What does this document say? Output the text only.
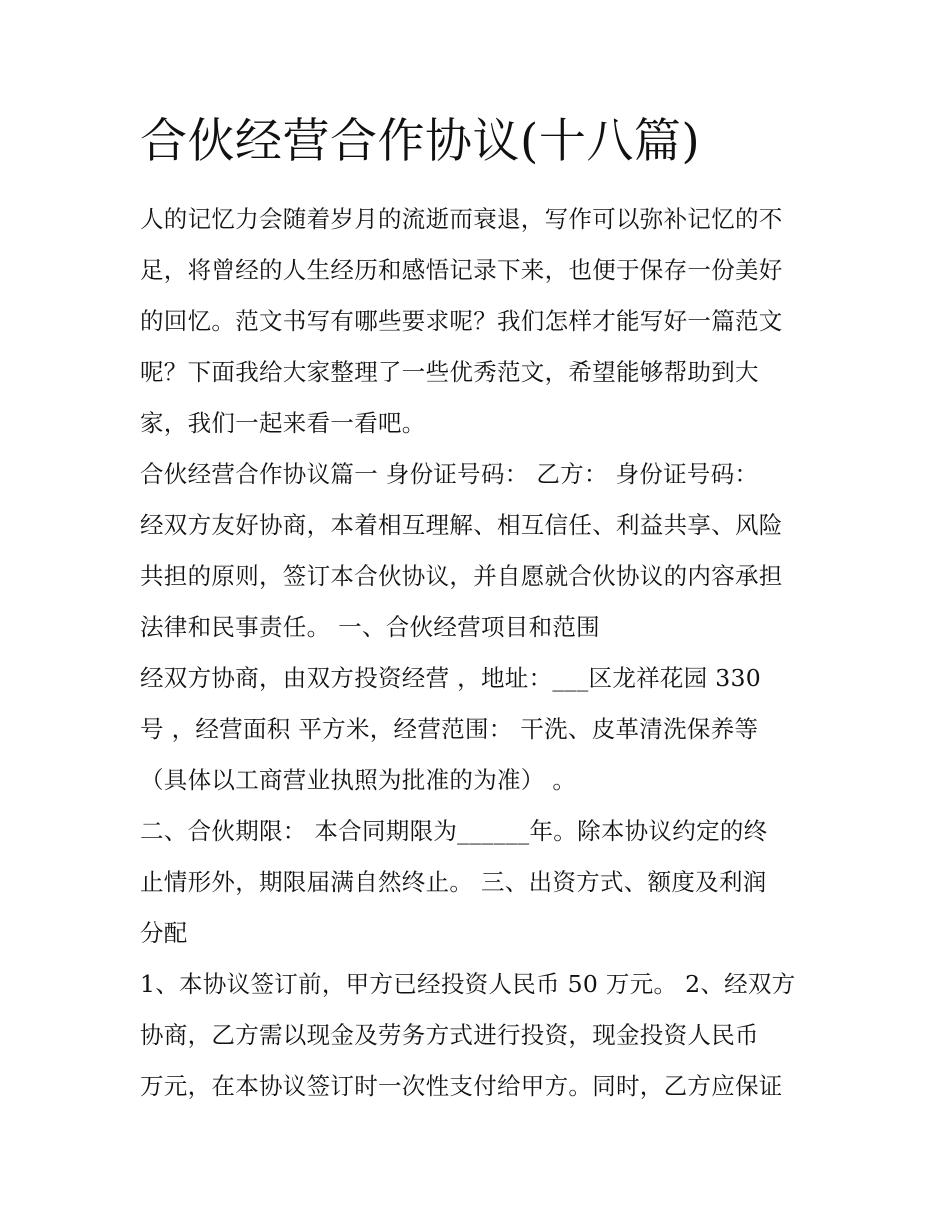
合伙经营合作协议(十八篇)

人的记忆力会随着岁月的流逝而衰退，写作可以弥补记忆的不

足，将曾经的人生经历和感悟记录下来，也便于保存一份美好

的回忆。范文书写有哪些要求呢？我们怎样才能写好一篇范文

呢？下面我给大家整理了一些优秀范文，希望能够帮助到大

家，我们一起来看一看吧。

合伙经营合作协议篇一 身份证号码： 乙方： 身份证号码：

经双方友好协商，本着相互理解、相互信任、利益共享、风险

共担的原则，签订本合伙协议，并自愿就合伙协议的内容承担

法律和民事责任。 一、合伙经营项目和范围

经双方协商，由双方投资经营 ，地址：___区龙祥花园 330

号 ，经营面积 平方米，经营范围： 干洗、皮革清洗保养等

（具体以工商营业执照为批准的为准） 。

二、合伙期限： 本合同期限为______年。除本协议约定的终

止情形外，期限届满自然终止。 三、出资方式、额度及利润

分配

1、本协议签订前，甲方已经投资人民币 50 万元。 2、经双方

协商，乙方需以现金及劳务方式进行投资，现金投资人民币

万元，在本协议签订时一次性支付给甲方。同时，乙方应保证
